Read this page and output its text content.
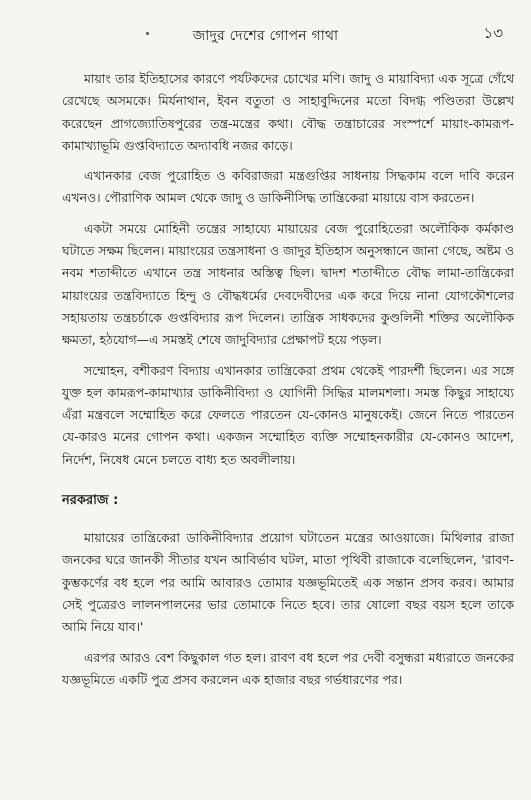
জাদুর দেশের গোপন গাথা	১৩

মায়াং তার ইতিহাসের কারণে পর্যটকদের চোখের মণি। জাদু ও মায়াবিদ্যা এক সূত্রে গেঁথে রেখেছে অসমকে। মির্যনাথান, ইবন বতুতা ও সাহাবুদ্দিনের মতো বিদগ্ধ পণ্ডিতরা উল্লেখ করেছেন প্রাগজ্যোতিষপুরের তন্ত্র-মন্ত্রের কথা। বৌদ্ধ তন্ত্রাচারের সংস্পর্শে মায়াং-কামরূপ-কামাখ্যাভূমি গুপ্তবিদ্যাতে অদ্যাবধি নজর কাড়ে।

এখানকার বেজ পুরোহিত ও কবিরাজরা মন্ত্রগুপ্তির সাধনায় সিদ্ধকাম বলে দাবি করেন এখনও। পৌরাণিক আমল থেকে জাদু ও ডাকিনীসিদ্ধ তান্ত্রিকেরা মায়ায়ে বাস করতেন।

একটা সময়ে মোহিনী তন্ত্রের সাহায্যে মায়ায়ের বেজ পুরোহিতেরা অলৌকিক কর্মকাণ্ড ঘটাতে সক্ষম ছিলেন। মায়াংয়ের তন্ত্রসাধনা ও জাদুর ইতিহাস অনুসন্ধানে জানা গেছে, অষ্টম ও নবম শতাব্দীতে এখানে তন্ত্র সাধনার অস্তিত্ব ছিল। দ্বাদশ শতাব্দীতে বৌদ্ধ লামা-তান্ত্রিকেরা মায়াংয়ের তন্ত্রবিদ্যাতে হিন্দু ও বৌদ্ধধর্মের দেবদেবীদের এক করে দিয়ে নানা যোগকৌশলের সহায়তায় তন্ত্রচর্চাকে গুপ্তবিদ্যার রূপ দিলেন। তান্ত্রিক সাধকদের কুণ্ডলিনী শক্তির অলৌকিক ক্ষমতা, হঠযোগ—এ সমস্তই শেষে জাদুবিদ্যার প্রেক্ষাপট হয়ে পড়ল।

সম্মোহন, বশীকরণ বিদ্যায় এখানকার তান্ত্রিকেরা প্রথম থেকেই পারদর্শী ছিলেন। এর সঙ্গে যুক্ত হল কামরূপ-কামাখ্যার ডাকিনীবিদ্যা ও যোগিনী সিদ্ধির মালমশলা। সমস্ত কিছুর সাহায্যে এঁরা মন্ত্রবলে সম্মোহিত করে ফেলতে পারতেন যে-কোনও মানুষকেই। জেনে নিতে পারতেন যে-কারও মনের গোপন কথা। একজন সম্মোহিত ব্যক্তি সম্মোহনকারীর যে-কোনও আদেশ, নির্দেশ, নিষেধ মেনে চলতে বাধ্য হত অবলীলায়।

নরকরাজ :

মায়ায়ের তান্ত্রিকেরা ডাকিনীবিদ্যার প্রয়োগ ঘটাতেন মন্ত্রের আওয়াজে। মিথিলার রাজা জনকের ঘরে জানকী সীতার যখন আবির্ভাব ঘটল, মাতা পৃথিবী রাজাকে বলেছিলেন, 'রাবণ-কুম্ভকর্ণের বধ হলে পর আমি আবারও তোমার যজ্ঞভূমিতেই এক সন্তান প্রসব করব। আমার সেই পুত্রেরও লালনপালনের ভার তোমাকে নিতে হবে। তার ষোলো বছর বয়স হলে তাকে আমি নিয়ে যাব।'

এরপর আরও বেশ কিছুকাল গত হল। রাবণ বধ হলে পর দেবী বসুন্ধরা মধ্যরাতে জনকের যজ্ঞভূমিতে একটি পুত্র প্রসব করলেন এক হাজার বছর গর্ভধারণের পর।
